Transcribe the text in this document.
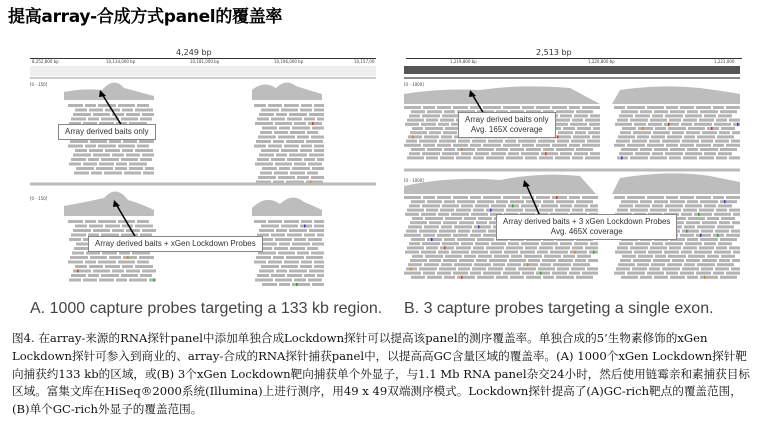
提高array-合成方式panel的覆盖率
4,249 bp
8,252,800 bp	10,134,000 bp	10,181,000 bp	10,196,000 bp	10,157,00
[0 - 150]
[0 - 150]
Array derived baits only
Array derived baits + xGen Lockdown Probes
2,513 bp
1,219,800 bp	1,220,800 bp	1,221,000
[0 - 1000]
[0 - 1000]
Array derived baits only
Avg. 165X coverage
Array derived baits + 3 xGen Lockdown Probes
Avg. 465X coverage
A. 1000 capture probes targeting a 133 kb region. B. 3 capture probes targeting a single exon.

图4. 在array-来源的RNA探针panel中添加单独合成Lockdown探针可以提高该panel的测序覆盖率。单独合成的5’生物素修饰的xGen Lockdown探针可参入到商业的、array-合成的RNA探针捕获panel中，以提高高GC含量区域的覆盖率。(A) 1000个xGen Lockdown探针靶向捕获约133 kb的区域，或(B) 3个xGen Lockdown靶向捕获单个外显子，与1.1 Mb RNA panel杂交24小时，然后使用链霉亲和素捕获目标区域。富集文库在HiSeq®2000系统(Illumina)上进行测序，用49 x 49双端测序模式。Lockdown探针提高了(A)GC-rich靶点的覆盖范围，(B)单个GC-rich外显子的覆盖范围。
